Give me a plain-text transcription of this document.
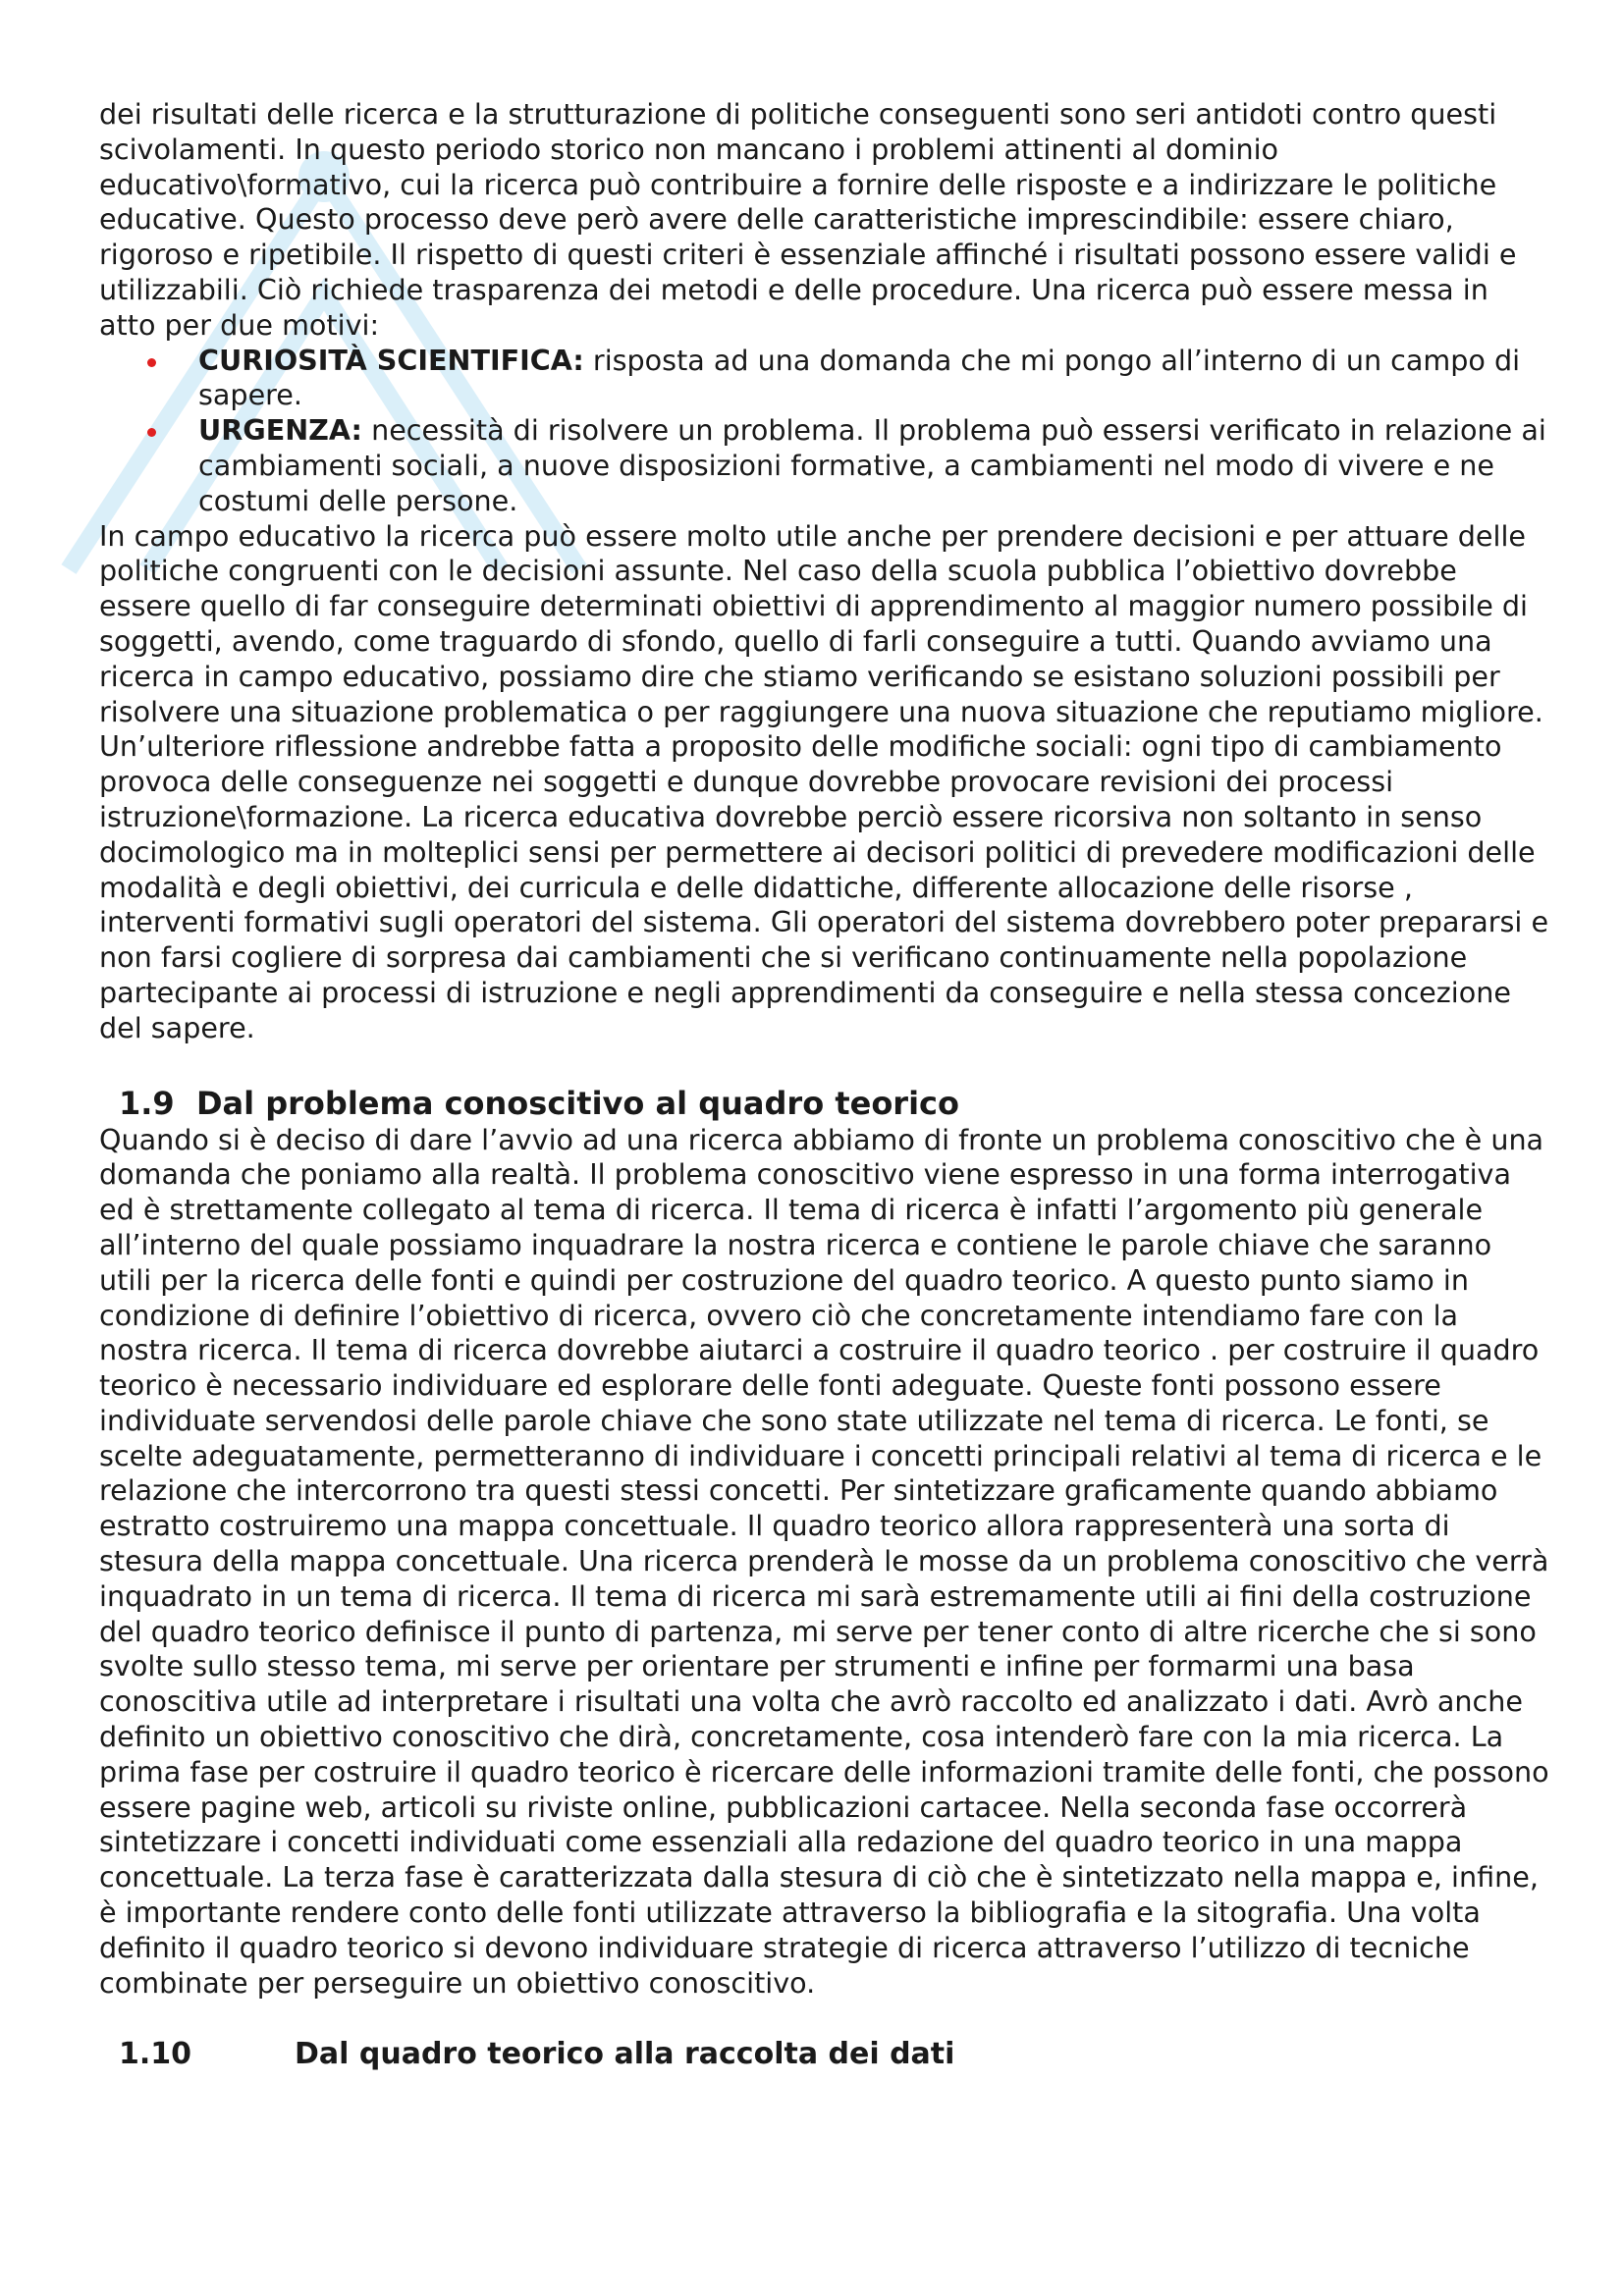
dei risultati delle ricerca e la strutturazione di politiche conseguenti sono seri antidoti contro questi scivolamenti. In questo periodo storico non mancano i problemi attinenti al dominio educativo\formativo, cui la ricerca può contribuire a fornire delle risposte e a indirizzare le politiche educative. Questo processo deve però avere delle caratteristiche imprescindibile: essere chiaro, rigoroso e ripetibile. Il rispetto di questi criteri è essenziale affinché i risultati possono essere validi e utilizzabili. Ciò richiede trasparenza dei metodi e delle procedure. Una ricerca può essere messa in atto per due motivi:

CURIOSITÀ SCIENTIFICA: risposta ad una domanda che mi pongo all’interno di un campo di sapere.
URGENZA: necessità di risolvere un problema. Il problema può essersi verificato in relazione ai cambiamenti sociali, a nuove disposizioni formative, a cambiamenti nel modo di vivere e ne costumi delle persone.

In campo educativo la ricerca può essere molto utile anche per prendere decisioni e per attuare delle politiche congruenti con le decisioni assunte. Nel caso della scuola pubblica l’obiettivo dovrebbe essere quello di far conseguire determinati obiettivi di apprendimento al maggior numero possibile di soggetti, avendo, come traguardo di sfondo, quello di farli conseguire a tutti. Quando avviamo una ricerca in campo educativo, possiamo dire che stiamo verificando se esistano soluzioni possibili per risolvere una situazione problematica o per raggiungere una nuova situazione che reputiamo migliore. Un’ulteriore riflessione andrebbe fatta a proposito delle modifiche sociali: ogni tipo di cambiamento provoca delle conseguenze nei soggetti e dunque dovrebbe provocare revisioni dei processi istruzione\formazione. La ricerca educativa dovrebbe perciò essere ricorsiva non soltanto in senso docimologico ma in molteplici sensi per permettere ai decisori politici di prevedere modificazioni delle modalità e degli obiettivi, dei curricula e delle didattiche, differente allocazione delle risorse , interventi formativi sugli operatori del sistema. Gli operatori del sistema dovrebbero poter prepararsi e non farsi cogliere di sorpresa dai cambiamenti che si verificano continuamente nella popolazione partecipante ai processi di istruzione e negli apprendimenti da conseguire e nella stessa concezione del sapere.

1.9 Dal problema conoscitivo al quadro teorico

Quando si è deciso di dare l’avvio ad una ricerca abbiamo di fronte un problema conoscitivo che è una domanda che poniamo alla realtà. Il problema conoscitivo viene espresso in una forma interrogativa ed è strettamente collegato al tema di ricerca. Il tema di ricerca è infatti l’argomento più generale all’interno del quale possiamo inquadrare la nostra ricerca e contiene le parole chiave che saranno utili per la ricerca delle fonti e quindi per costruzione del quadro teorico. A questo punto siamo in condizione di definire l’obiettivo di ricerca, ovvero ciò che concretamente intendiamo fare con la nostra ricerca. Il tema di ricerca dovrebbe aiutarci a costruire il quadro teorico . per costruire il quadro teorico è necessario individuare ed esplorare delle fonti adeguate. Queste fonti possono essere individuate servendosi delle parole chiave che sono state utilizzate nel tema di ricerca. Le fonti, se scelte adeguatamente, permetteranno di individuare i concetti principali relativi al tema di ricerca e le relazione che intercorrono tra questi stessi concetti. Per sintetizzare graficamente quando abbiamo estratto costruiremo una mappa concettuale. Il quadro teorico allora rappresenterà una sorta di stesura della mappa concettuale. Una ricerca prenderà le mosse da un problema conoscitivo che verrà inquadrato in un tema di ricerca. Il tema di ricerca mi sarà estremamente utili ai fini della costruzione del quadro teorico definisce il punto di partenza, mi serve per tener conto di altre ricerche che si sono svolte sullo stesso tema, mi serve per orientare per strumenti e infine per formarmi una basa conoscitiva utile ad interpretare i risultati una volta che avrò raccolto ed analizzato i dati. Avrò anche definito un obiettivo conoscitivo che dirà, concretamente, cosa intenderò fare con la mia ricerca. La prima fase per costruire il quadro teorico è ricercare delle informazioni tramite delle fonti, che possono essere pagine web, articoli su riviste online, pubblicazioni cartacee. Nella seconda fase occorrerà sintetizzare i concetti individuati come essenziali alla redazione del quadro teorico in una mappa concettuale. La terza fase è caratterizzata dalla stesura di ciò che è sintetizzato nella mappa e, infine, è importante rendere conto delle fonti utilizzate attraverso la bibliografia e la sitografia. Una volta definito il quadro teorico si devono individuare strategie di ricerca attraverso l’utilizzo di tecniche combinate per perseguire un obiettivo conoscitivo.

1.10	Dal quadro teorico alla raccolta dei dati
